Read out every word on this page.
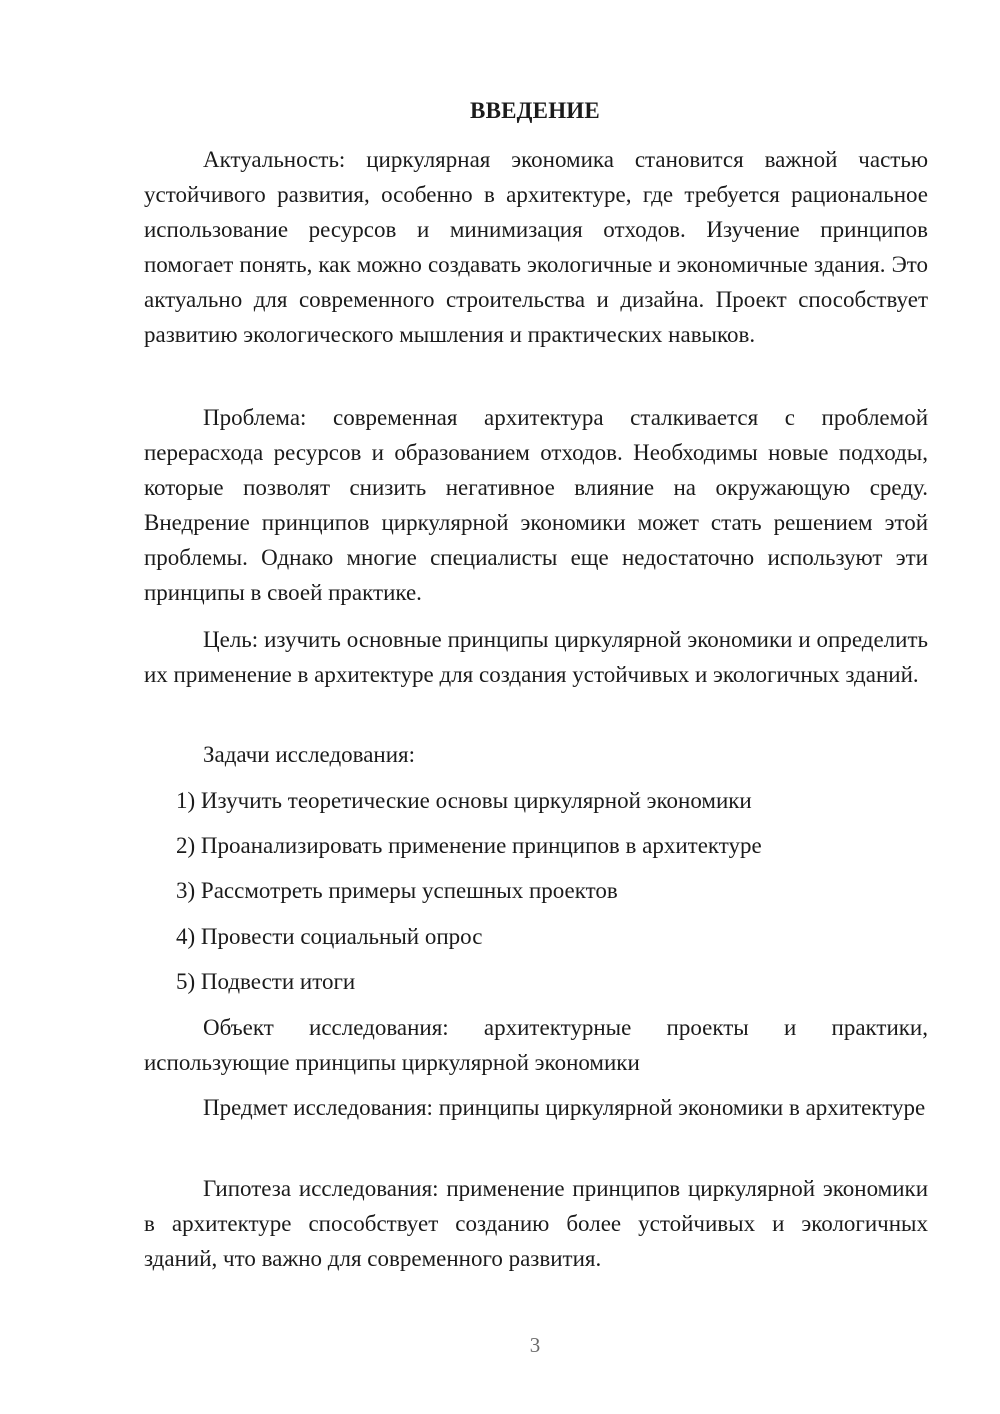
ВВЕДЕНИЕ

Актуальность: циркулярная экономика становится важной частью устойчивого развития, особенно в архитектуре, где требуется рациональное использование ресурсов и минимизация отходов. Изучение принципов помогает понять, как можно создавать экологичные и экономичные здания. Это актуально для современного строительства и дизайна. Проект способствует развитию экологического мышления и практических навыков.

Проблема: современная архитектура сталкивается с проблемой перерасхода ресурсов и образованием отходов. Необходимы новые подходы, которые позволят снизить негативное влияние на окружающую среду. Внедрение принципов циркулярной экономики может стать решением этой проблемы. Однако многие специалисты еще недостаточно используют эти принципы в своей практике.

Цель: изучить основные принципы циркулярной экономики и определить их применение в архитектуре для создания устойчивых и экологичных зданий.

Задачи исследования:

1) Изучить теоретические основы циркулярной экономики

2) Проанализировать применение принципов в архитектуре

3) Рассмотреть примеры успешных проектов

4) Провести социальный опрос

5) Подвести итоги

Объект исследования: архитектурные проекты и практики, использующие принципы циркулярной экономики

Предмет исследования: принципы циркулярной экономики в архитектуре

Гипотеза исследования: применение принципов циркулярной экономики в архитектуре способствует созданию более устойчивых и экологичных зданий, что важно для современного развития.

3
